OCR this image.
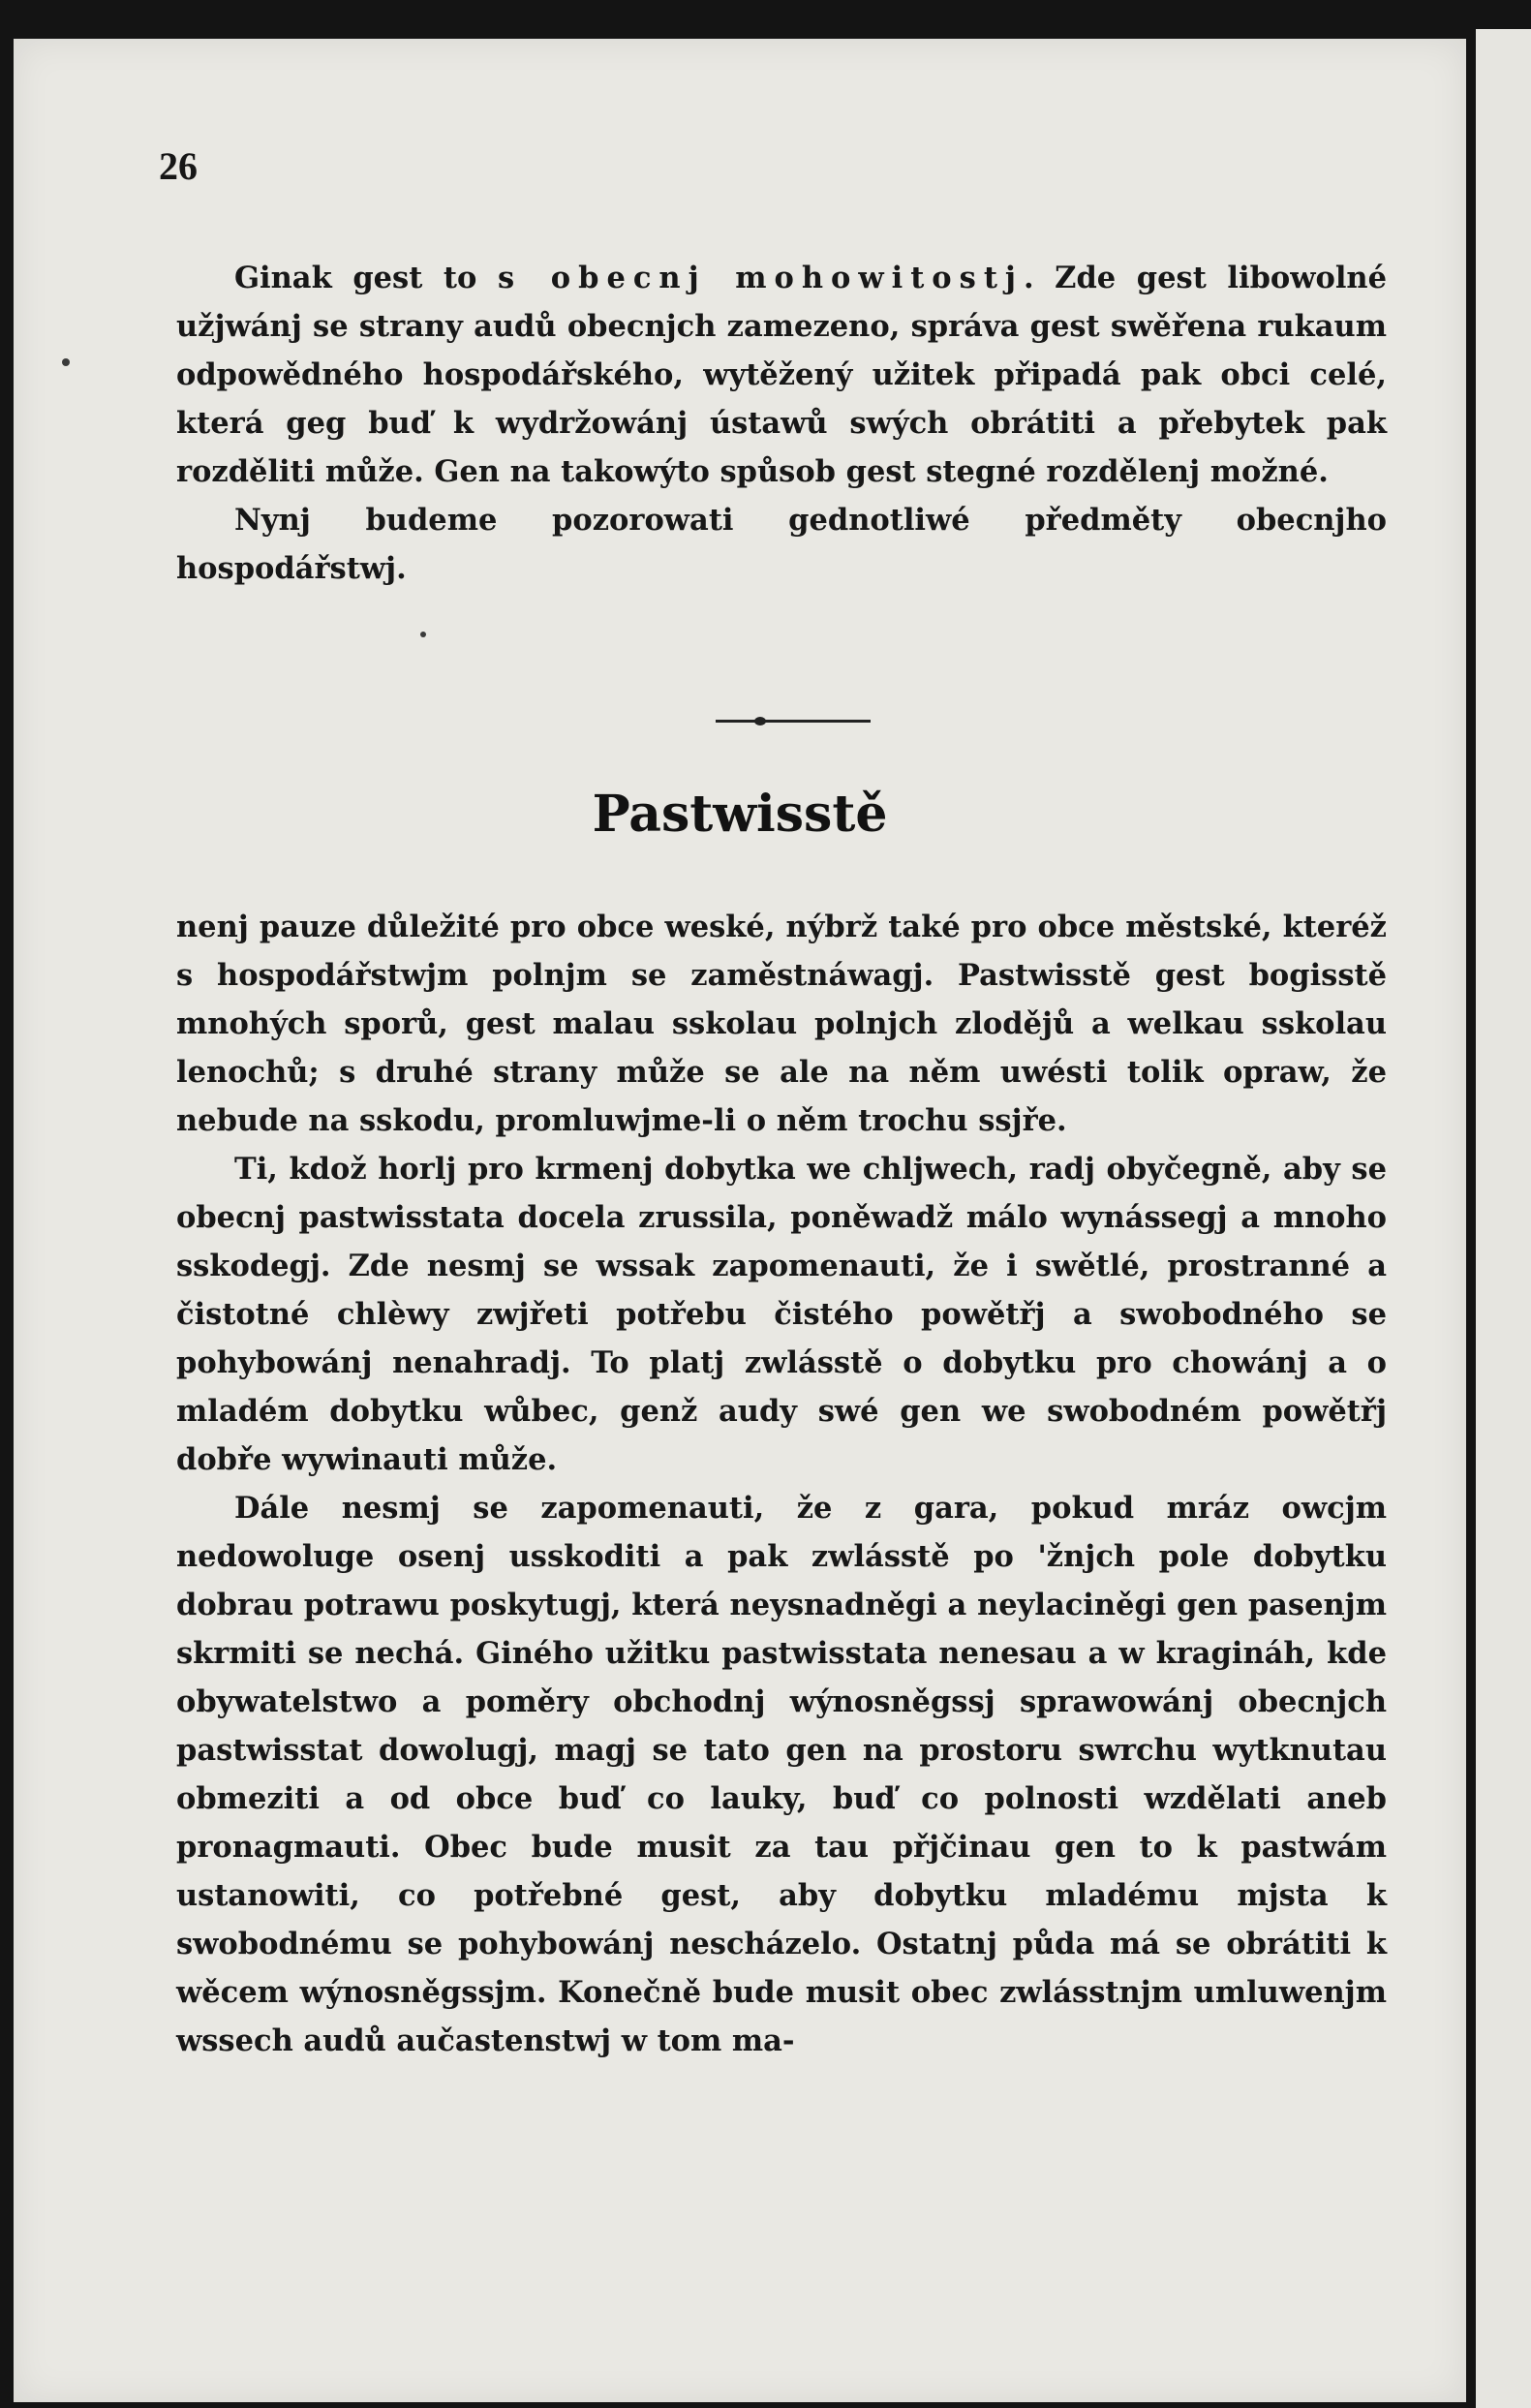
26

Ginak gest to s obecnj mohowitostj. Zde gest libowolné užjwánj se strany audů obecnjch zamezeno, správa gest swěřena rukaum odpowědného hospodářského, wytěžený užitek připadá pak obci celé, která geg buď k wydržowánj ústawů swých obrátiti a přebytek pak rozděliti může. Gen na takowýto spůsob gest stegné rozdělenj možné.

Nynj budeme pozorowati gednotliwé předměty obecnjho hospodářstwj.

Pastwisstě

nenj pauze důležité pro obce weské, nýbrž také pro obce městské, kteréž s hospodářstwjm polnjm se zaměstnáwagj. Pastwisstě gest bogisstě mnohých sporů, gest malau sskolau polnjch zlodějů a welkau sskolau lenochů; s druhé strany může se ale na něm uwésti tolik opraw, že nebude na sskodu, promluwjme-li o něm trochu ssjře.

Ti, kdož horlj pro krmenj dobytka we chljwech, radj obyčegně, aby se obecnj pastwisstata docela zrussila, poněwadž málo wynássegj a mnoho sskodegj. Zde nesmj se wssak zapomenauti, že i swětlé, prostranné a čistotné chlèwy zwjřeti potřebu čistého powětřj a swobodného se pohybowánj nenahradj. To platj zwlásstě o dobytku pro chowánj a o mladém dobytku wůbec, genž audy swé gen we swobodném powětřj dobře wywinauti může.

Dále nesmj se zapomenauti, že z gara, pokud mráz owcjm nedowoluge osenj usskoditi a pak zwlásstě po 'žnjch pole dobytku dobrau potrawu poskytugj, která neysnadněgi a neylaciněgi gen pasenjm skrmiti se nechá. Giného užitku pastwisstata nenesau a w kragináh, kde obywatelstwo a poměry obchodnj wýnosněgssj sprawowánj obecnjch pastwisstat dowolugj, magj se tato gen na prostoru swrchu wytknutau obmeziti a od obce buď co lauky, buď co polnosti wzdělati aneb pronagmauti. Obec bude musit za tau přjčinau gen to k pastwám ustanowiti, co potřebné gest, aby dobytku mladému mjsta k swobodnému se pohybowánj nescházelo. Ostatnj půda má se obrátiti k wěcem wýnosněgssjm. Konečně bude musit obec zwlásstnjm umluwenjm wssech audů aučastenstwj w tom ma-
